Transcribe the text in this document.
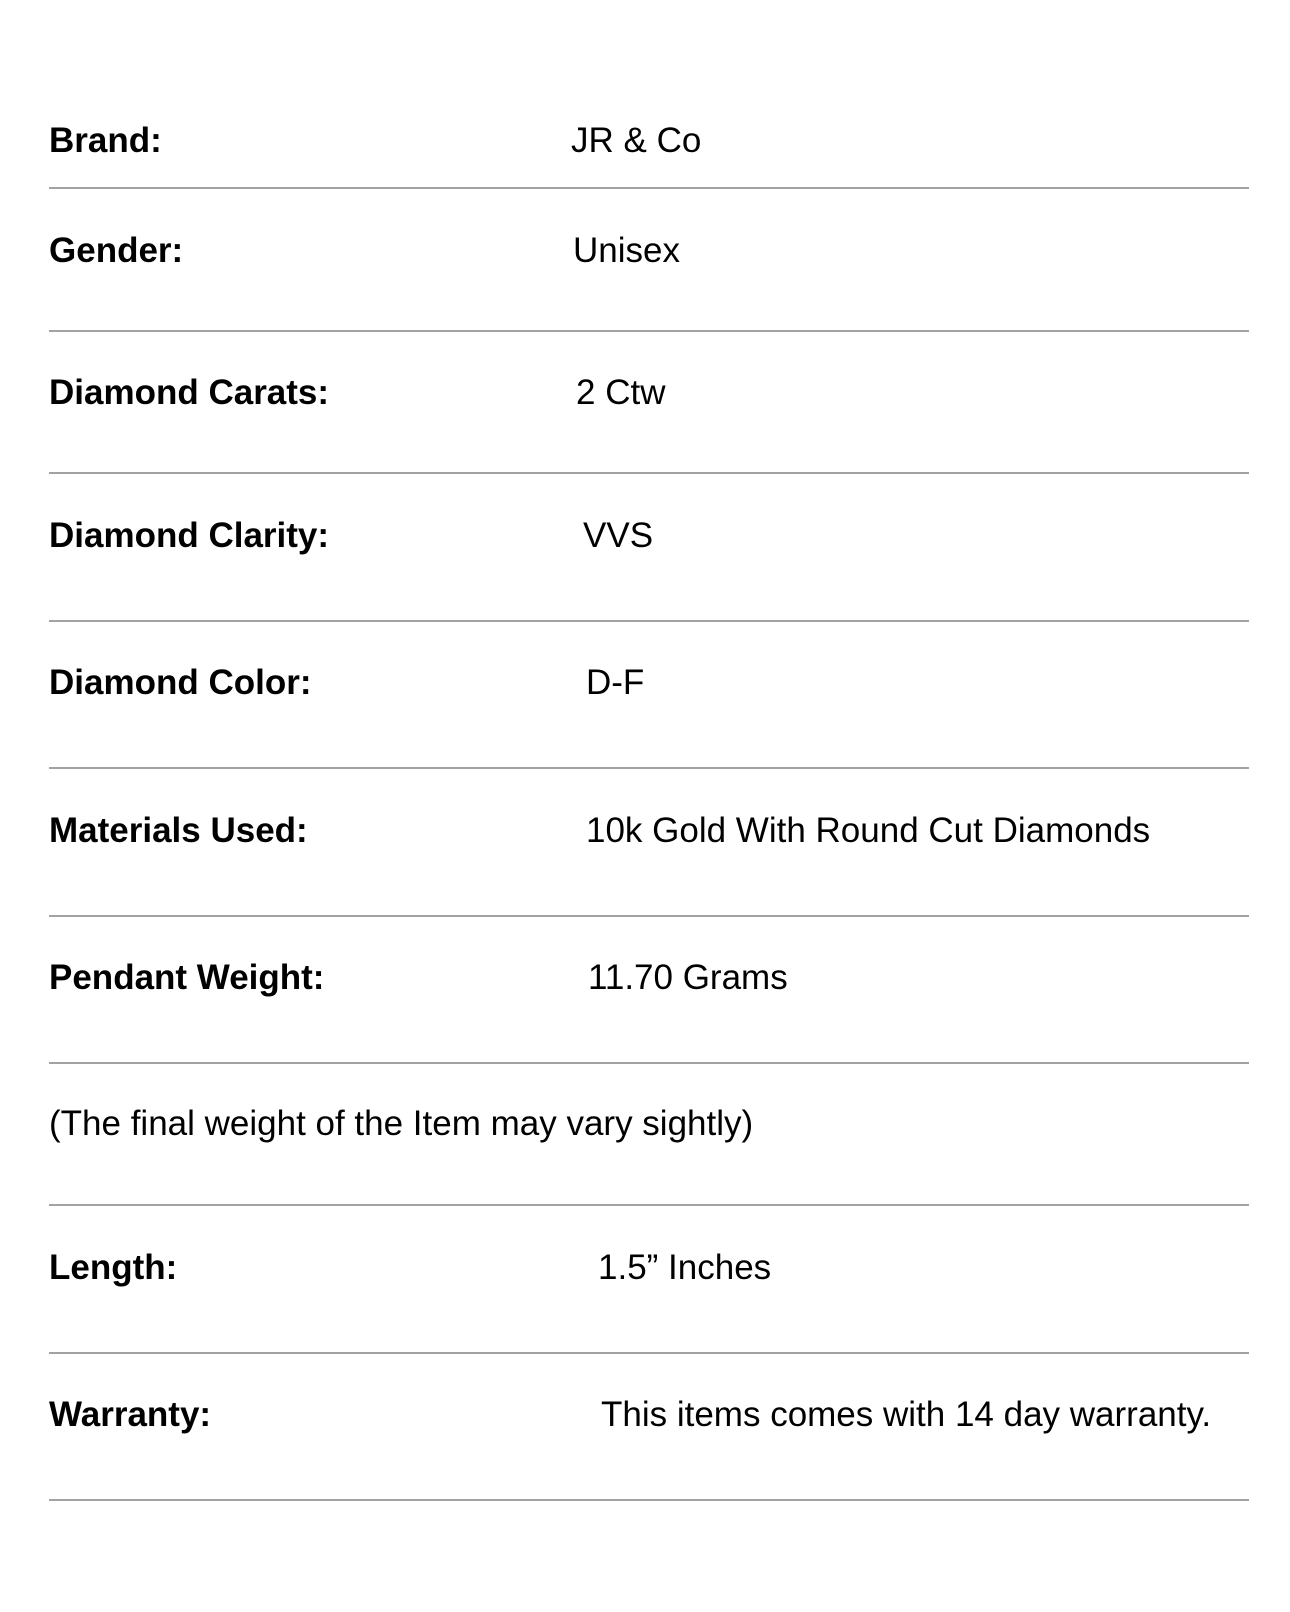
Brand:	JR & Co
Gender:	Unisex
Diamond Carats:	2 Ctw
Diamond Clarity:	VVS
Diamond Color:	D-F
Materials Used:	10k Gold With Round Cut Diamonds
Pendant Weight:	11.70 Grams
(The final weight of the Item may vary sightly)
Length:	1.5” Inches
Warranty:	This items comes with 14 day warranty.
